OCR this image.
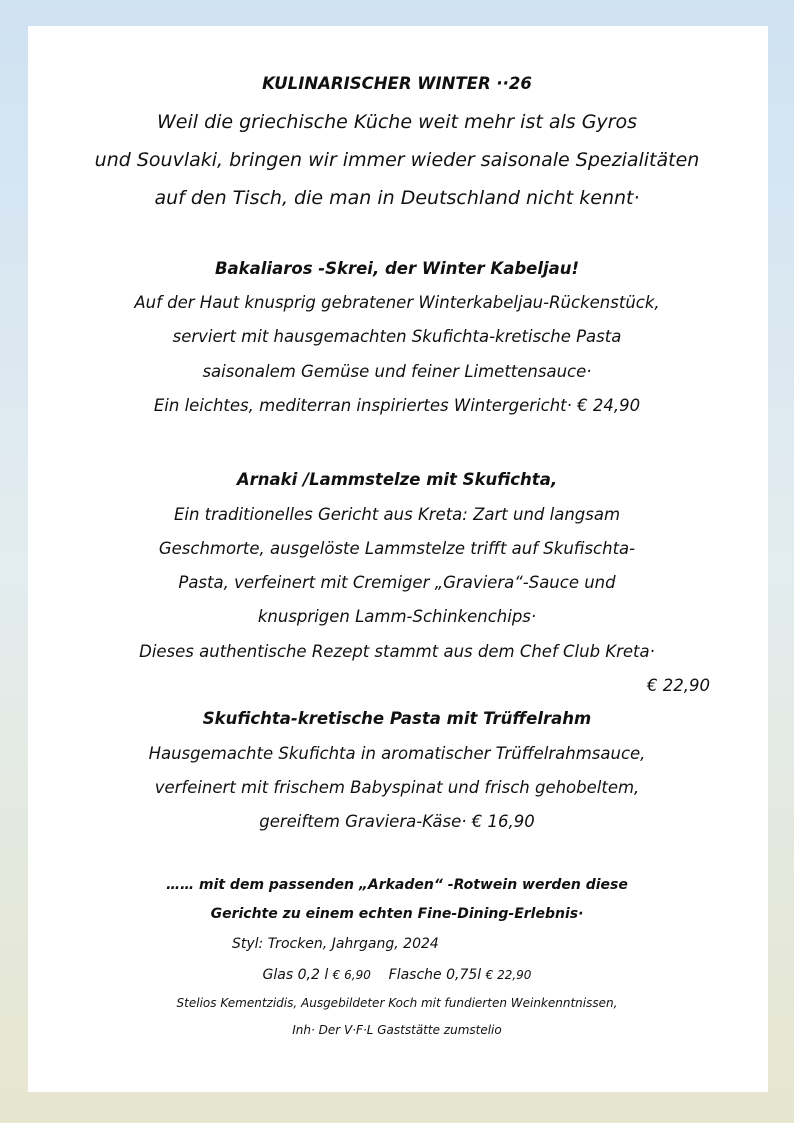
KULINARISCHER WINTER ··26
Weil die griechische Küche weit mehr ist als Gyros
und Souvlaki, bringen wir immer wieder saisonale Spezialitäten
auf den Tisch, die man in Deutschland nicht kennt·
Bakaliaros -Skrei, der Winter Kabeljau!
Auf der Haut knusprig gebratener Winterkabeljau-Rückenstück,
serviert mit hausgemachten Skufichta-kretische Pasta
saisonalem Gemüse und feiner Limettensauce·
Ein leichtes, mediterran inspiriertes Wintergericht· € 24,90
Arnaki /Lammstelze mit Skufichta,
Ein traditionelles Gericht aus Kreta: Zart und langsam
Geschmorte, ausgelöste Lammstelze trifft auf Skufischta-
Pasta, verfeinert mit Cremiger „Graviera“-Sauce und
knusprigen Lamm-Schinkenchips·
Dieses authentische Rezept stammt aus dem Chef Club Kreta·
€ 22,90
Skufichta-kretische Pasta mit Trüffelrahm
Hausgemachte Skufichta in aromatischer Trüffelrahmsauce,
verfeinert mit frischem Babyspinat und frisch gehobeltem,
gereiftem Graviera-Käse· € 16,90
…… mit dem passenden „Arkaden“ -Rotwein werden diese
Gerichte zu einem echten Fine-Dining-Erlebnis·
Styl: Trocken, Jahrgang, 2024
Glas 0,2 l € 6,90 Flasche 0,75l € 22,90
Stelios Kementzidis, Ausgebildeter Koch mit fundierten Weinkenntnissen,
Inh· Der V·F·L Gaststätte zumstelio
